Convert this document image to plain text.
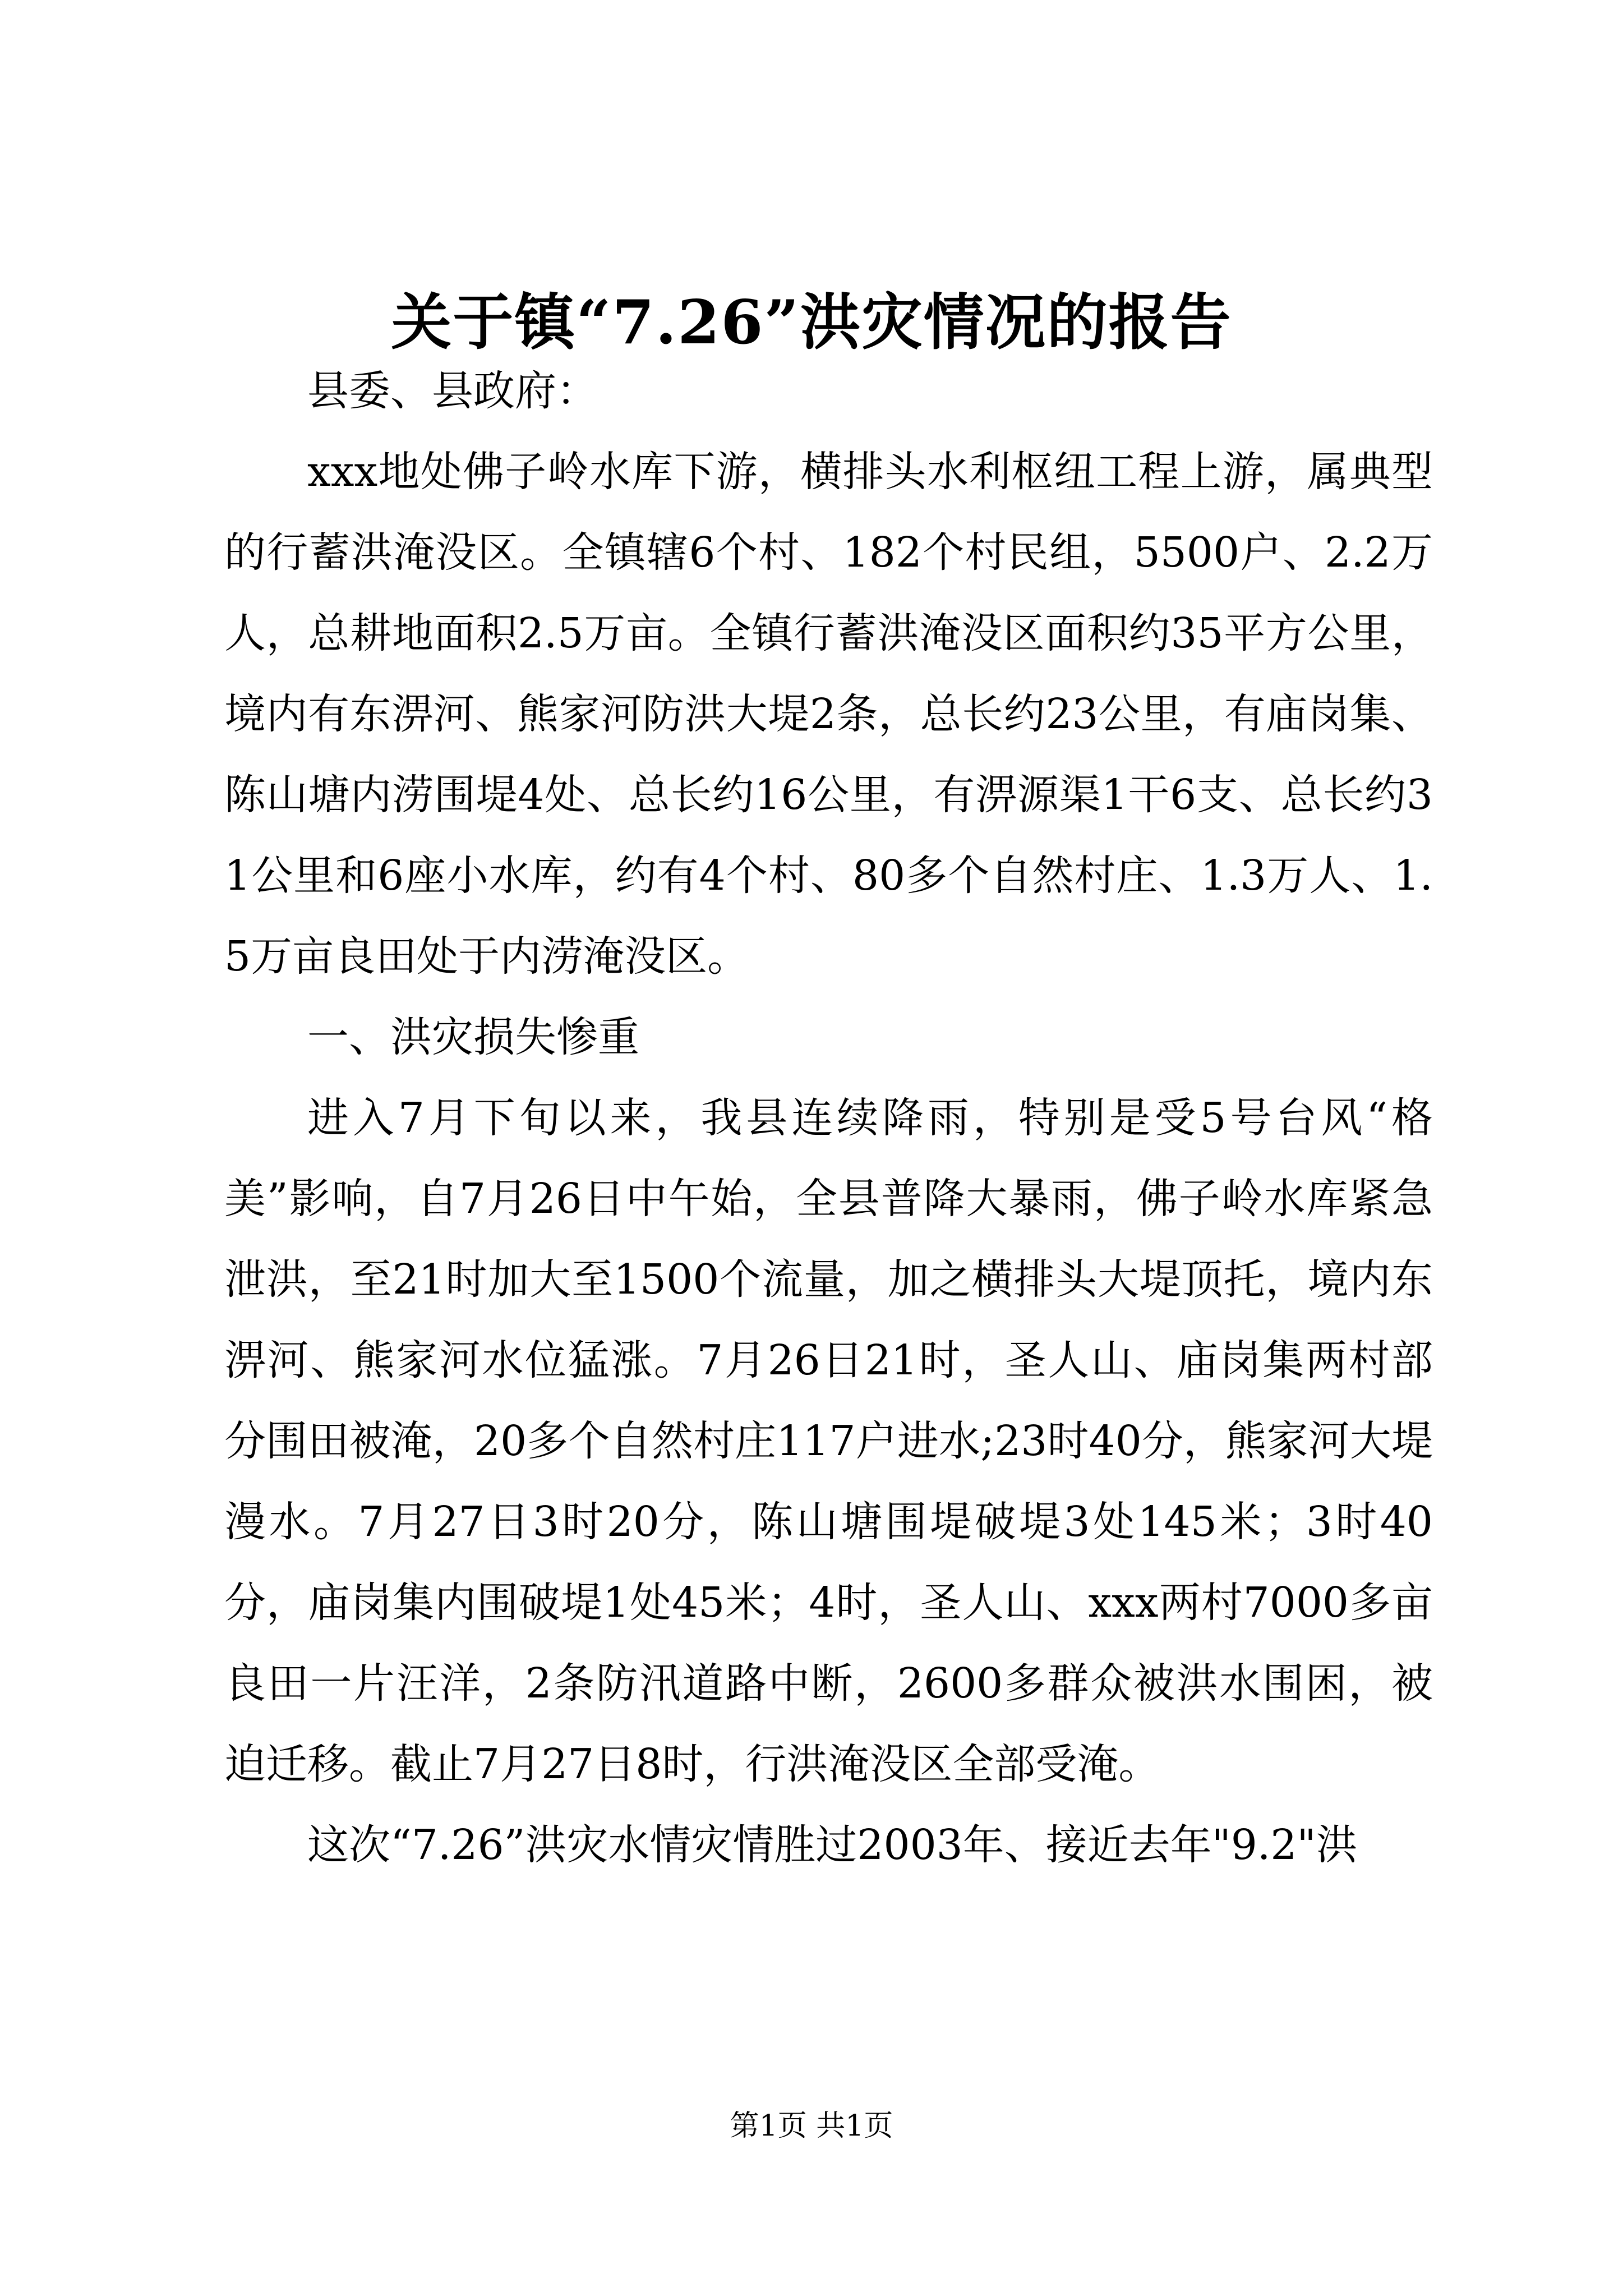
关于镇“7.26”洪灾情况的报告

县委、县政府：

xxx地处佛子岭水库下游，横排头水利枢纽工程上游，属典型的行蓄洪淹没区。全镇辖6个村、182个村民组，5500户、2.2万人，总耕地面积2.5万亩。全镇行蓄洪淹没区面积约35平方公里，境内有东淠河、熊家河防洪大堤2条，总长约23公里，有庙岗集、陈山塘内涝围堤4处、总长约16公里，有淠源渠1干6支、总长约31公里和6座小水库，约有4个村、80多个自然村庄、1.3万人、1.5万亩良田处于内涝淹没区。

一、洪灾损失惨重

进入7月下旬以来，我县连续降雨，特别是受5号台风“格美”影响，自7月26日中午始，全县普降大暴雨，佛子岭水库紧急泄洪，至21时加大至1500个流量，加之横排头大堤顶托，境内东淠河、熊家河水位猛涨。7月26日21时，圣人山、庙岗集两村部分围田被淹，20多个自然村庄117户进水;23时40分，熊家河大堤漫水。7月27日3时20分，陈山塘围堤破堤3处145米；3时40分，庙岗集内围破堤1处45米；4时，圣人山、xxx两村7000多亩良田一片汪洋，2条防汛道路中断，2600多群众被洪水围困，被迫迁移。截止7月27日8时，行洪淹没区全部受淹。

这次“7.26”洪灾水情灾情胜过2003年、接近去年"9.2"洪

第1页 共1页
